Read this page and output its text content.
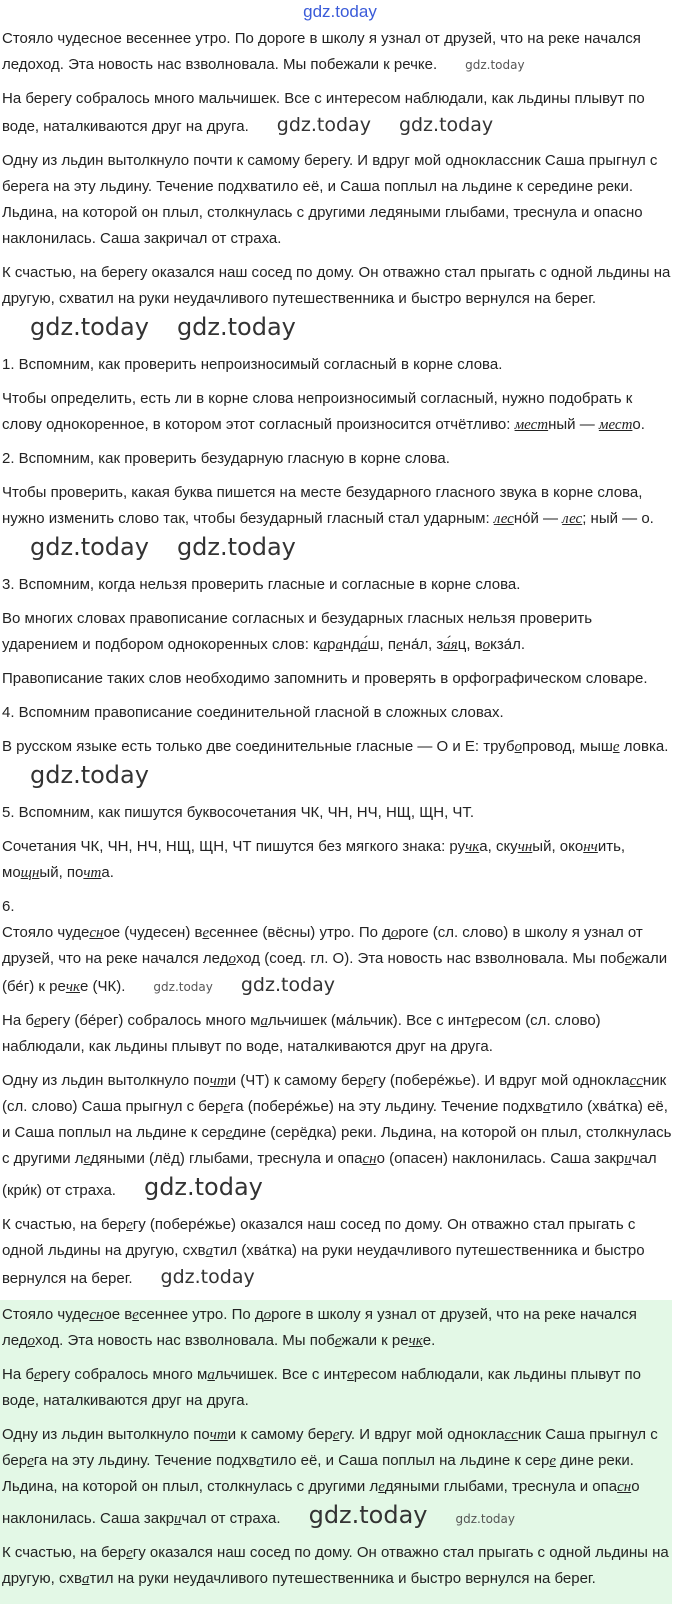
gdz.today

Стояло чудесное весеннее утро. По дороге в школу я узнал от друзей, что на реке начался ледоход. Эта новость нас взволновала. Мы побежали к речке. gdz.today

На берегу собралось много мальчишек. Все с интересом наблюдали, как льдины плывут по воде, наталкиваются друг на друга. gdz.today gdz.today

Одну из льдин вытолкнуло почти к самому берегу. И вдруг мой одноклассник Саша прыгнул с берега на эту льдину. Течение подхватило её, и Саша поплыл на льдине к середине реки. Льдина, на которой он плыл, столкнулась с другими ледяными глыбами, треснула и опасно наклонилась. Саша закричал от страха.

К счастью, на берегу оказался наш сосед по дому. Он отважно стал прыгать с одной льдины на другую, схватил на руки неудачливого путешественника и быстро вернулся на берег.gdz.today gdz.today

1. Вспомним, как проверить непроизносимый согласный в корне слова.

Чтобы определить, есть ли в корне слова непроизносимый согласный, нужно подобрать к слову однокоренное, в котором этот согласный произносится отчётливо: местный — место.

2. Вспомним, как проверить безударную гласную в корне слова.

Чтобы проверить, какая буква пишется на месте безударного гласного звука в корне слова, нужно изменить слово так, чтобы безударный гласный стал ударным: лесно́й — лес; ный — о.gdz.today gdz.today

3. Вспомним, когда нельзя проверить гласные и согласные в корне слова.

Во многих словах правописание согласных и безударных гласных нельзя проверить ударением и подбором однокоренных слов: каранда́ш, пена́л, за́яц, вокза́л.

Правописание таких слов необходимо запомнить и проверять в орфографическом словаре.

4. Вспомним правописание соединительной гласной в сложных словах.

В русском языке есть только две соединительные гласные — О и Е: трубопровод, мыше ловка.gdz.today

5. Вспомним, как пишутся буквосочетания ЧК, ЧН, НЧ, НЩ, ЩН, ЧТ.

Сочетания ЧК, ЧН, НЧ, НЩ, ЩН, ЧТ пишутся без мягкого знака: ручка, скучный, окончить, мощный, почта.

6.

Стояло чудесное (чудесен) весеннее (вёсны) утро. По дороге (сл. слово) в школу я узнал от друзей, что на реке начался ледоход (соед. гл. О). Эта новость нас взволновала. Мы побежали (бе́г) к речке (ЧК). gdz.today gdz.today

На берегу (бе́рег) собралось много мальчишек (ма́льчик). Все с интересом (сл. слово) наблюдали, как льдины плывут по воде, наталкиваются друг на друга.

Одну из льдин вытолкнуло почти (ЧТ) к самому берегу (побере́жье). И вдруг мой одноклассник (сл. слово) Саша прыгнул с берега (побере́жье) на эту льдину. Течение подхватило (хва́тка) её, и Саша поплыл на льдине к середине (серёдка) реки. Льдина, на которой он плыл, столкнулась с другими ледяными (лёд) глыбами, треснула и опасно (опасен) наклонилась. Саша закричал (кри́к) от страха. gdz.today

К счастью, на берегу (побере́жье) оказался наш сосед по дому. Он отважно стал прыгать с одной льдины на другую, схватил (хва́тка) на руки неудачливого путешественника и быстро вернулся на берег. gdz.today

Стояло чудесное весеннее утро. По дороге в школу я узнал от друзей, что на реке начался ледоход. Эта новость нас взволновала. Мы побежали к речке.

На берегу собралось много мальчишек. Все с интересом наблюдали, как льдины плывут по воде, наталкиваются друг на друга.

Одну из льдин вытолкнуло почти к самому берегу. И вдруг мой одноклассник Саша прыгнул с берега на эту льдину. Течение подхватило её, и Саша поплыл на льдине к сере дине реки. Льдина, на которой он плыл, столкнулась с другими ледяными глыбами, треснула и опасно наклонилась. Саша закричал от страха. gdz.today gdz.today

К счастью, на берегу оказался наш сосед по дому. Он отважно стал прыгать с одной льдины на другую, схватил на руки неудачливого путешественника и быстро вернулся на берег.
